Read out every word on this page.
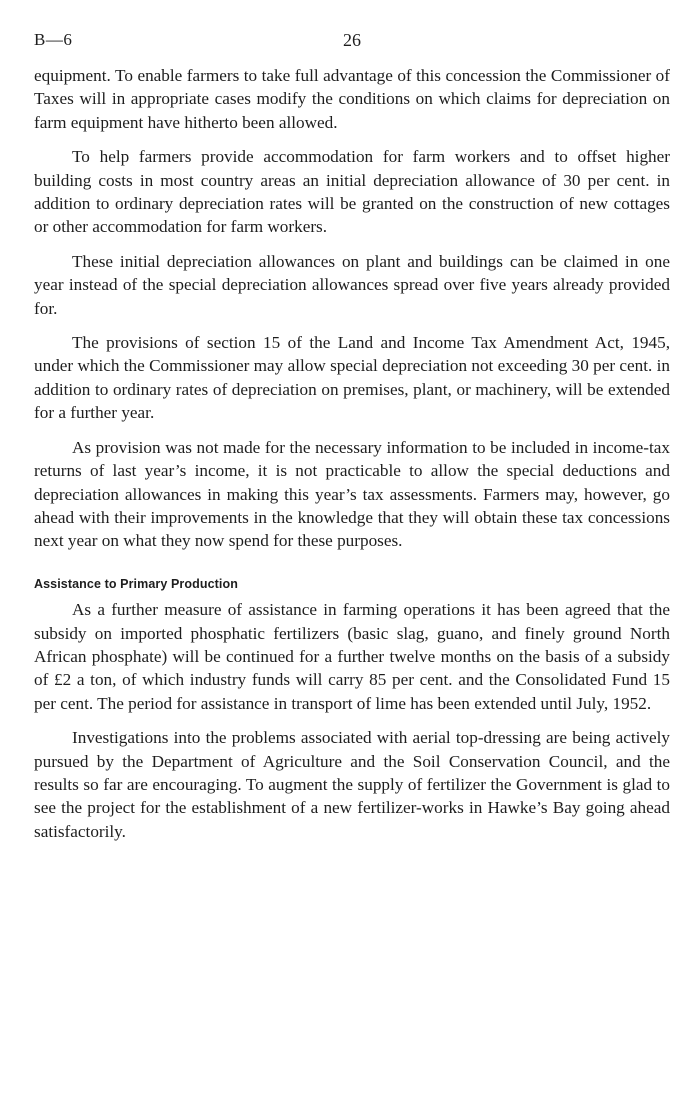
B—6	26

equipment. To enable farmers to take full advantage of this concession the Commissioner of Taxes will in appropriate cases modify the conditions on which claims for depreciation on farm equipment have hitherto been allowed.

To help farmers provide accommodation for farm workers and to offset higher building costs in most country areas an initial depreciation allowance of 30 per cent. in addition to ordinary depreciation rates will be granted on the construction of new cottages or other accommodation for farm workers.

These initial depreciation allowances on plant and buildings can be claimed in one year instead of the special depreciation allowances spread over five years already provided for.

The provisions of section 15 of the Land and Income Tax Amendment Act, 1945, under which the Commissioner may allow special depreciation not exceeding 30 per cent. in addition to ordinary rates of depreciation on premises, plant, or machinery, will be extended for a further year.

As provision was not made for the necessary information to be included in income-tax returns of last year’s income, it is not practicable to allow the special deductions and depreciation allowances in making this year’s tax assessments. Farmers may, however, go ahead with their improvements in the knowledge that they will obtain these tax concessions next year on what they now spend for these purposes.

Assistance to Primary Production

As a further measure of assistance in farming operations it has been agreed that the subsidy on imported phosphatic fertilizers (basic slag, guano, and finely ground North African phosphate) will be continued for a further twelve months on the basis of a subsidy of £2 a ton, of which industry funds will carry 85 per cent. and the Consolidated Fund 15 per cent. The period for assistance in transport of lime has been extended until July, 1952.

Investigations into the problems associated with aerial top-dressing are being actively pursued by the Department of Agriculture and the Soil Conservation Council, and the results so far are encouraging. To augment the supply of fertilizer the Government is glad to see the project for the establishment of a new fertilizer-works in Hawke’s Bay going ahead satisfactorily.
